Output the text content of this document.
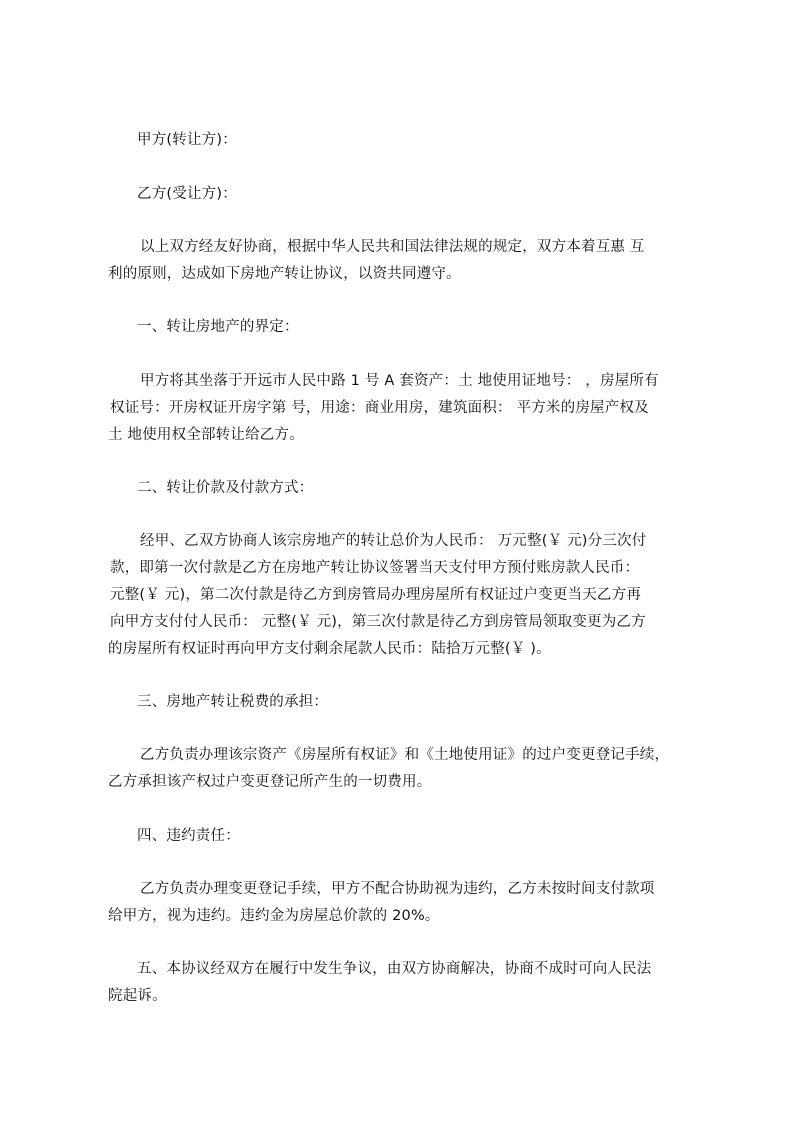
甲方(转让方)：
乙方(受让方)：
以上双方经友好协商，根据中华人民共和国法律法规的规定，双方本着互惠 互
利的原则，达成如下房地产转让协议，以资共同遵守。
一、转让房地产的界定：
甲方将其坐落于开远市人民中路 1 号 A 套资产：土 地使用证地号： ，房屋所有
权证号：开房权证开房字第 号，用途：商业用房，建筑面积： 平方米的房屋产权及
土 地使用权全部转让给乙方。
二、转让价款及付款方式：
经甲、乙双方协商人该宗房地产的转让总价为人民币： 万元整(￥ 元)分三次付
款，即第一次付款是乙方在房地产转让协议签署当天支付甲方预付账房款人民币：
元整(￥ 元)，第二次付款是待乙方到房管局办理房屋所有权证过户变更当天乙方再
向甲方支付付人民币： 元整(￥ 元)，第三次付款是待乙方到房管局领取变更为乙方
的房屋所有权证时再向甲方支付剩余尾款人民币：陆拾万元整(￥ )。
三、房地产转让税费的承担：
乙方负责办理该宗资产《房屋所有权证》和《土地使用证》的过户变更登记手续，
乙方承担该产权过户变更登记所产生的一切费用。
四、违约责任：
乙方负责办理变更登记手续，甲方不配合协助视为违约，乙方未按时间支付款项
给甲方，视为违约。违约金为房屋总价款的 20%。
五、本协议经双方在履行中发生争议，由双方协商解决，协商不成时可向人民法
院起诉。
